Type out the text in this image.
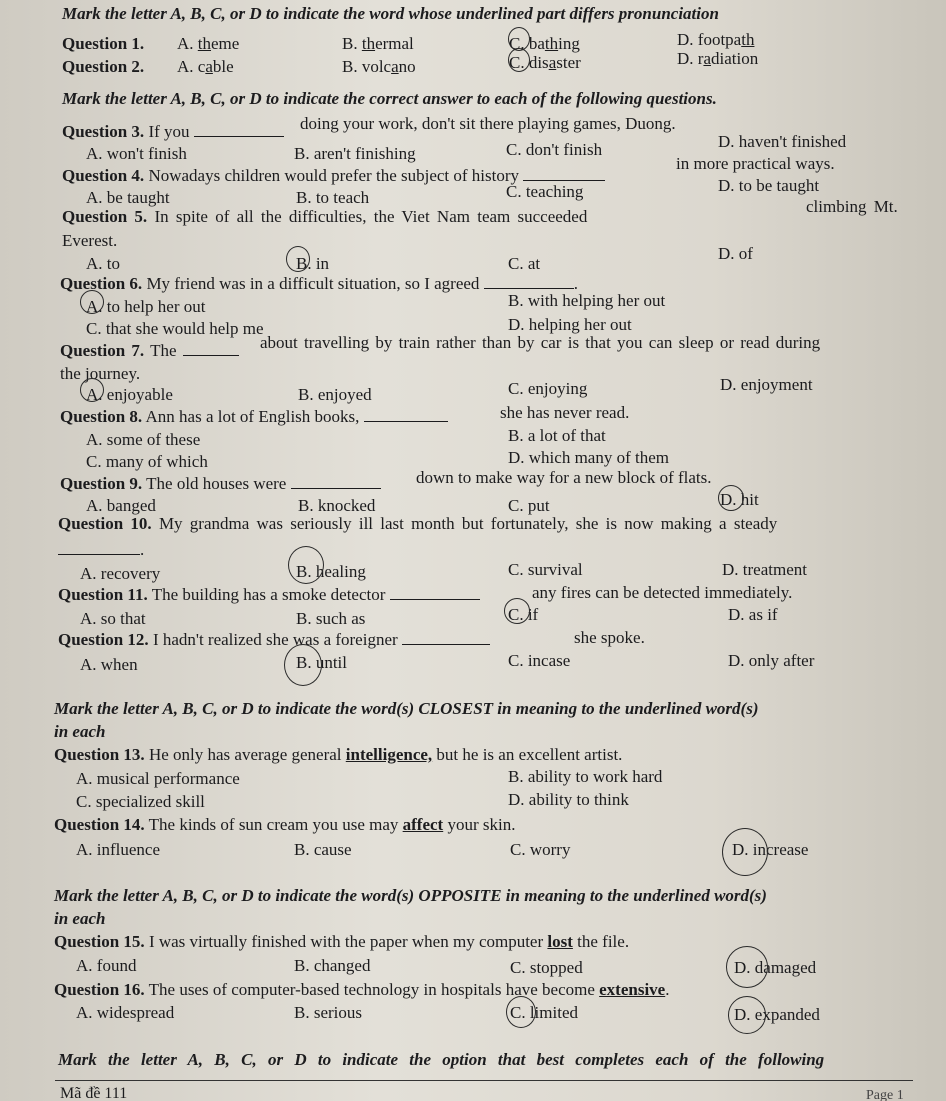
Mark the letter A, B, C, or D to indicate the word whose underlined part differs pronunciation
Question 1. A. theme	B. thermal	C. bathing	D. footpath
Question 2. A. cable	B. volcano	C. disaster	D. radiation
Mark the letter A, B, C, or D to indicate the correct answer to each of the following questions.
Question 3. If you	doing your work, don't sit there playing games, Duong.
A. won't finish	B. aren't finishing	C. don't finish	D. haven't finished
Question 4. Nowadays children would prefer the subject of history
in more practical ways.
A. be taught	B. to teach	C. teaching	D. to be taught
Question 5. In spite of all the difficulties, the Viet Nam team succeeded
climbing Mt.
Everest.
A. to	B. in	C. at
D. of
Question 6. My friend was in a difficult situation, so I agreed	.
A. to help her out	B. with helping her out
C. that she would help me	D. helping her out
Question 7. The	about travelling by train rather than by car is that you can sleep or read during
the journey.
A. enjoyable	B. enjoyed	C. enjoying	D. enjoyment
Question 8. Ann has a lot of English books,	she has never read.
A. some of these	B. a lot of that
C. many of which	D. which many of them
Question 9. The old houses were	down to make way for a new block of flats.
A. banged	B. knocked	C. put	D. hit
Question 10. My grandma was seriously ill last month but fortunately, she is now making a steady
.
A. recovery	B. healing	C. survival	D. treatment
Question 11. The building has a smoke detector	any fires can be detected immediately.
A. so that	B. such as	C. if	D. as if
Question 12. I hadn't realized she was a foreigner	she spoke.
A. when	B. until	C. incase	D. only after
Mark the letter A, B, C, or D to indicate the word(s) CLOSEST in meaning to the underlined word(s)
in each
Question 13. He only has average general intelligence, but he is an excellent artist.
A. musical performance	B. ability to work hard
C. specialized skill	D. ability to think
Question 14. The kinds of sun cream you use may affect your skin.
A. influence	B. cause	C. worry	D. increase
Mark the letter A, B, C, or D to indicate the word(s) OPPOSITE in meaning to the underlined word(s)
in each
Question 15. I was virtually finished with the paper when my computer lost the file.
A. found	B. changed	C. stopped	D. damaged
Question 16. The uses of computer-based technology in hospitals have become extensive.
A. widespread	B. serious	C. limited	D. expanded
Mark the letter A, B, C, or D to indicate the option that best completes each of the following
Mã đề 111	Page 1
